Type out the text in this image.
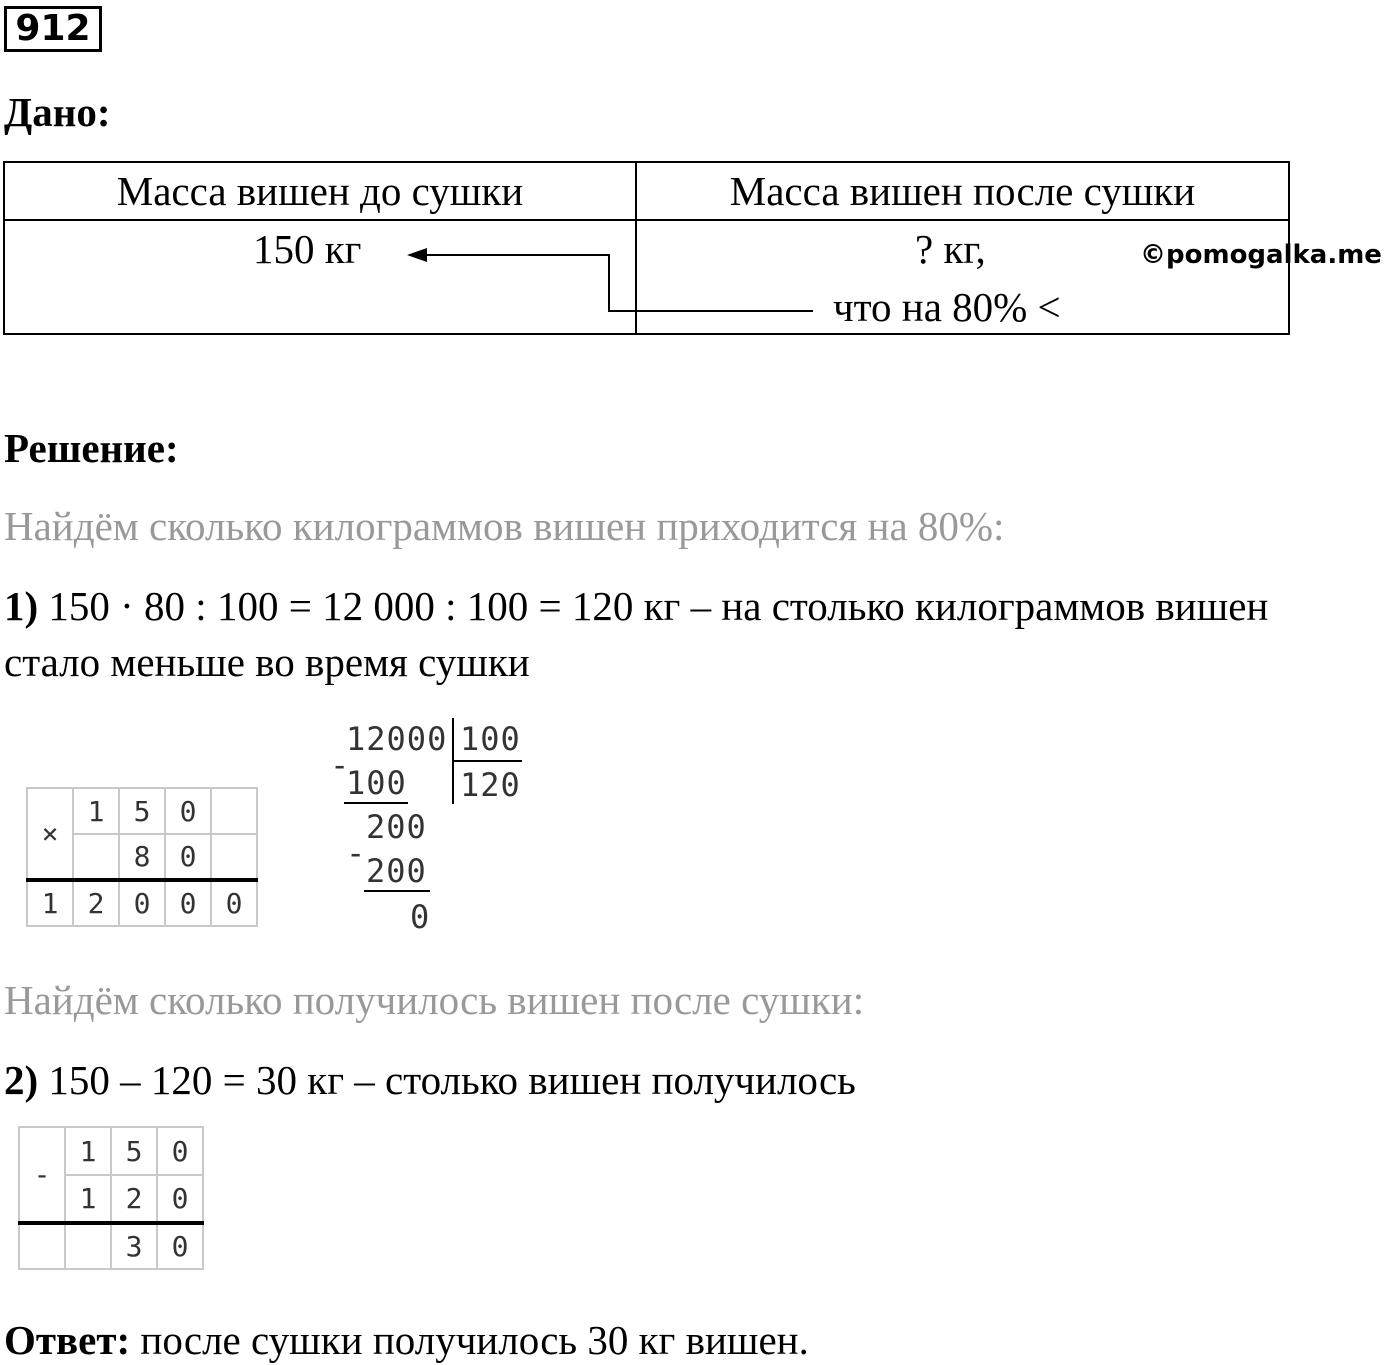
912
Дано:
Масса вишен до сушки	Масса вишен после сушки
150 кг	? кг,
что на 80% <
©pomogalka.me
Решение:
Найдём сколько килограммов вишен приходится на 80%:
1) 150 · 80 : 100 = 12 000 : 100 = 120 кг – на столько килограммов вишен
стало меньше во время сушки
×	1	5	0	
		8	0	
1	2	0	0	0
12000 100
120
-
100
200
- 200
0
Найдём сколько получилось вишен после сушки:
2) 150 – 120 = 30 кг – столько вишен получилось
-	1	5	0
	1	2	0
		3	0
Ответ: после сушки получилось 30 кг вишен.
